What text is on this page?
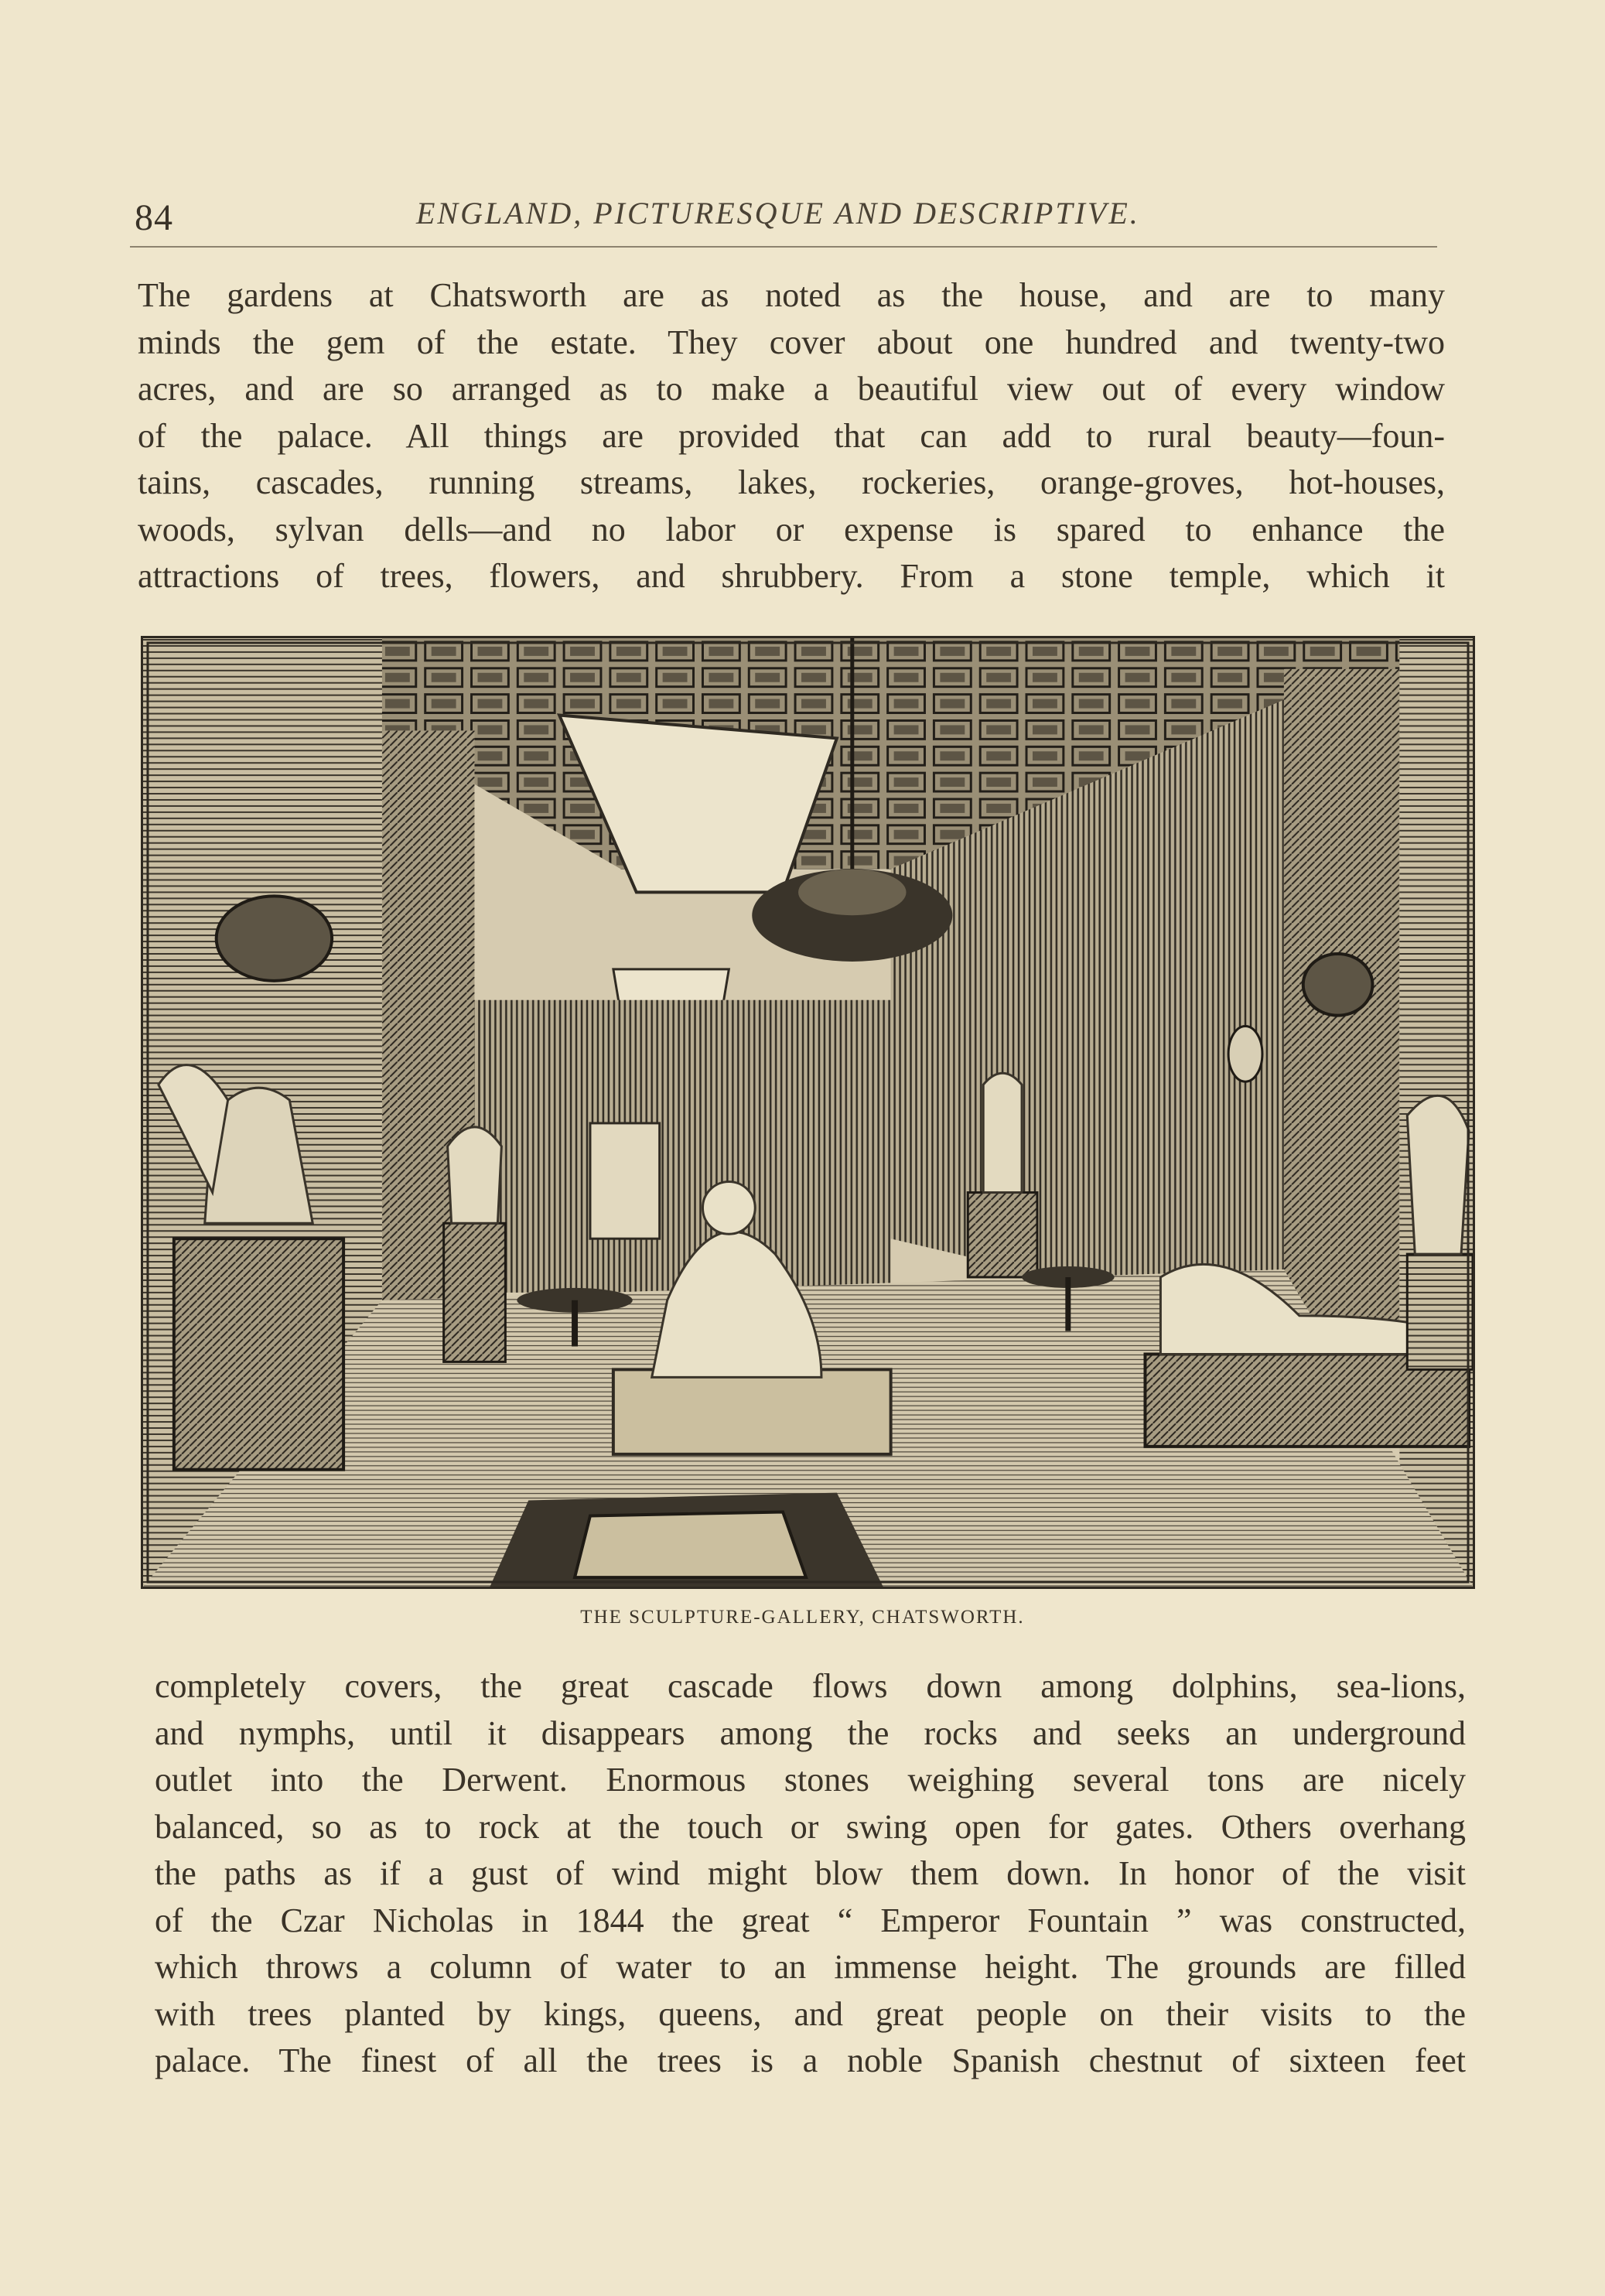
84	ENGLAND, PICTURESQUE AND DESCRIPTIVE.
The gardens at Chatsworth are as noted as the house, and are to many
minds the gem of the estate. They cover about one hundred and twenty-two
acres, and are so arranged as to make a beautiful view out of every window
of the palace. All things are provided that can add to rural beauty—foun-
tains, cascades, running streams, lakes, rockeries, orange-groves, hot-houses,
woods, sylvan dells—and no labor or expense is spared to enhance the
attractions of trees, flowers, and shrubbery. From a stone temple, which it
THE SCULPTURE-GALLERY, CHATSWORTH.
completely covers, the great cascade flows down among dolphins, sea-lions,
and nymphs, until it disappears among the rocks and seeks an underground
outlet into the Derwent. Enormous stones weighing several tons are nicely
balanced, so as to rock at the touch or swing open for gates. Others overhang
the paths as if a gust of wind might blow them down. In honor of the visit
of the Czar Nicholas in 1844 the great “ Emperor Fountain ” was constructed,
which throws a column of water to an immense height. The grounds are filled
with trees planted by kings, queens, and great people on their visits to the
palace. The finest of all the trees is a noble Spanish chestnut of sixteen feet
